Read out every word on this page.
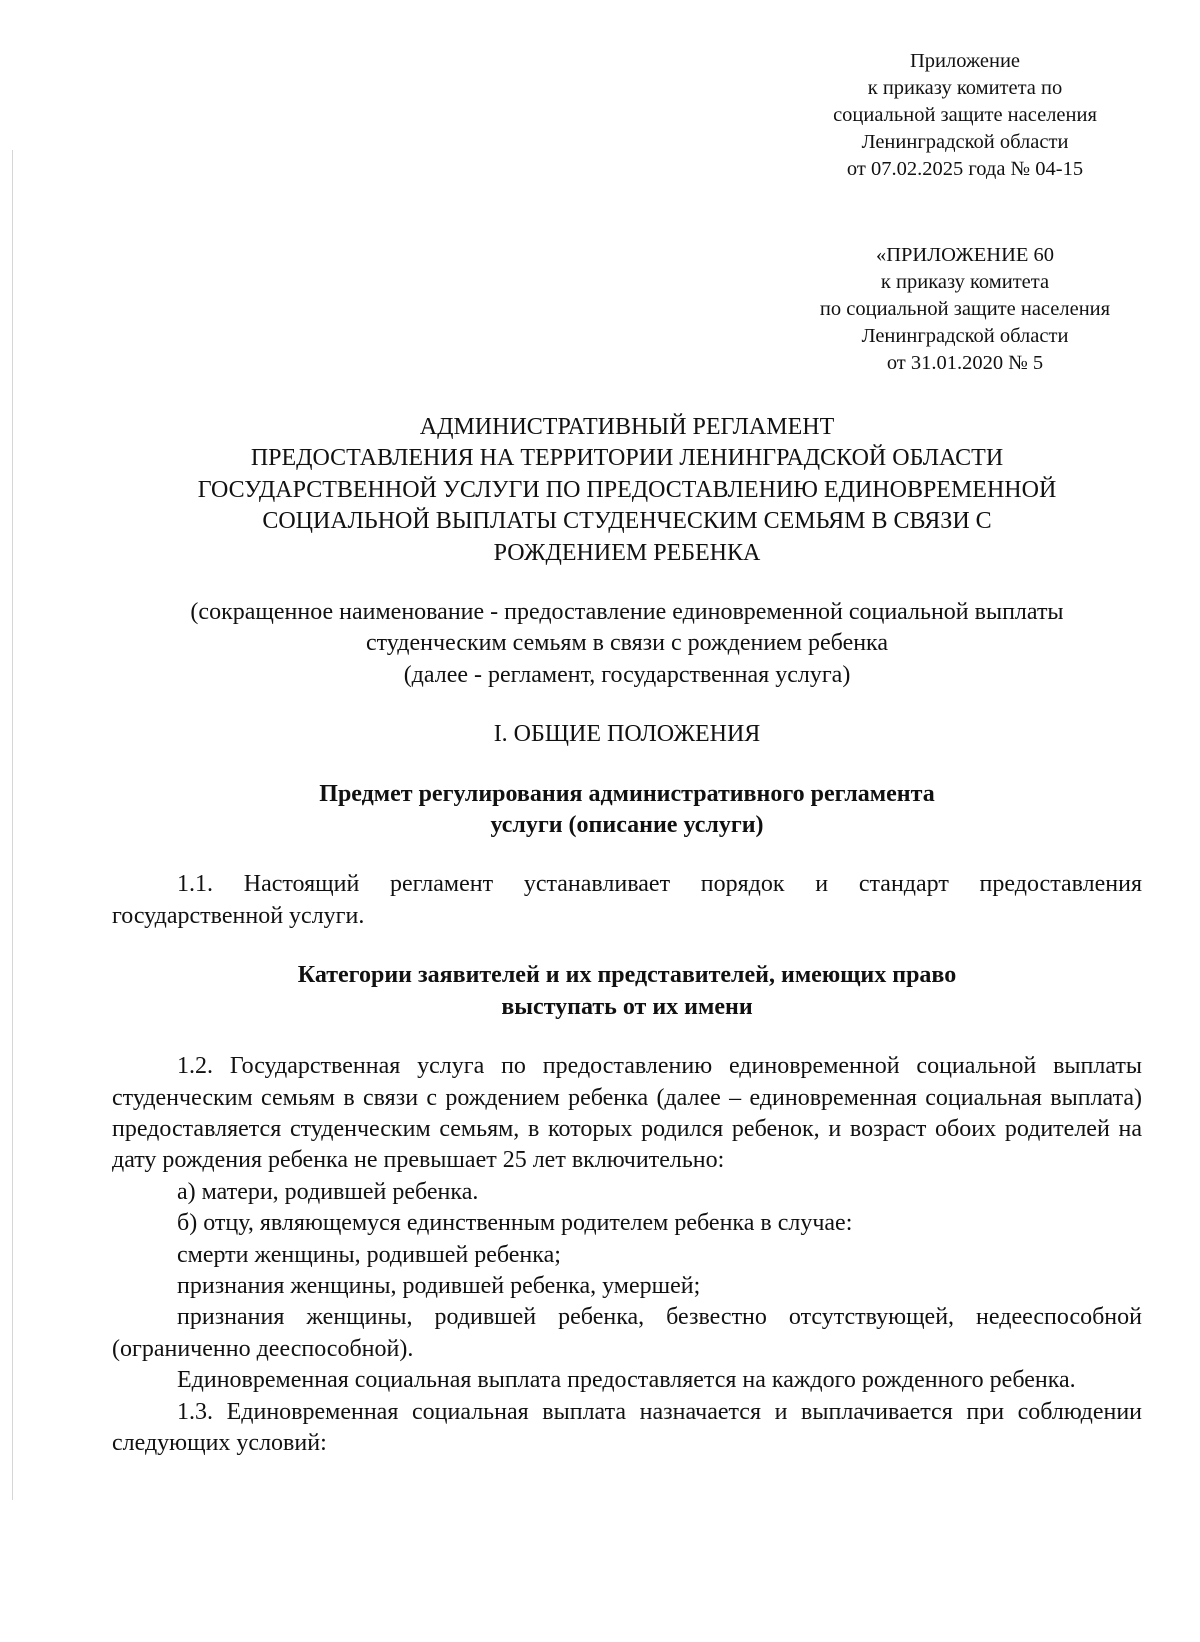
Приложение
к приказу комитета по
социальной защите населения
Ленинградской области
от 07.02.2025 года № 04-15
«ПРИЛОЖЕНИЕ 60
к приказу комитета
по социальной защите населения
Ленинградской области
от 31.01.2020 № 5
АДМИНИСТРАТИВНЫЙ РЕГЛАМЕНТ
ПРЕДОСТАВЛЕНИЯ НА ТЕРРИТОРИИ ЛЕНИНГРАДСКОЙ ОБЛАСТИ
ГОСУДАРСТВЕННОЙ УСЛУГИ ПО ПРЕДОСТАВЛЕНИЮ ЕДИНОВРЕМЕННОЙ
СОЦИАЛЬНОЙ ВЫПЛАТЫ СТУДЕНЧЕСКИМ СЕМЬЯМ В СВЯЗИ С
РОЖДЕНИЕМ РЕБЕНКА
(сокращенное наименование - предоставление единовременной социальной выплаты
студенческим семьям в связи с рождением ребенка
(далее - регламент, государственная услуга)
I. ОБЩИЕ ПОЛОЖЕНИЯ
Предмет регулирования административного регламента
услуги (описание услуги)

1.1. Настоящий регламент устанавливает порядок и стандарт предоставления государственной услуги.

Категории заявителей и их представителей, имеющих право
выступать от их имени

1.2. Государственная услуга по предоставлению единовременной социальной выплаты студенческим семьям в связи с рождением ребенка (далее – единовременная социальная выплата) предоставляется студенческим семьям, в которых родился ребенок, и возраст обоих родителей на дату рождения ребенка не превышает 25 лет включительно:

а) матери, родившей ребенка.

б) отцу, являющемуся единственным родителем ребенка в случае:

смерти женщины, родившей ребенка;

признания женщины, родившей ребенка, умершей;

признания женщины, родившей ребенка, безвестно отсутствующей, недееспособной (ограниченно дееспособной).

Единовременная социальная выплата предоставляется на каждого рожденного ребенка.

1.3. Единовременная социальная выплата назначается и выплачивается при соблюдении следующих условий:
